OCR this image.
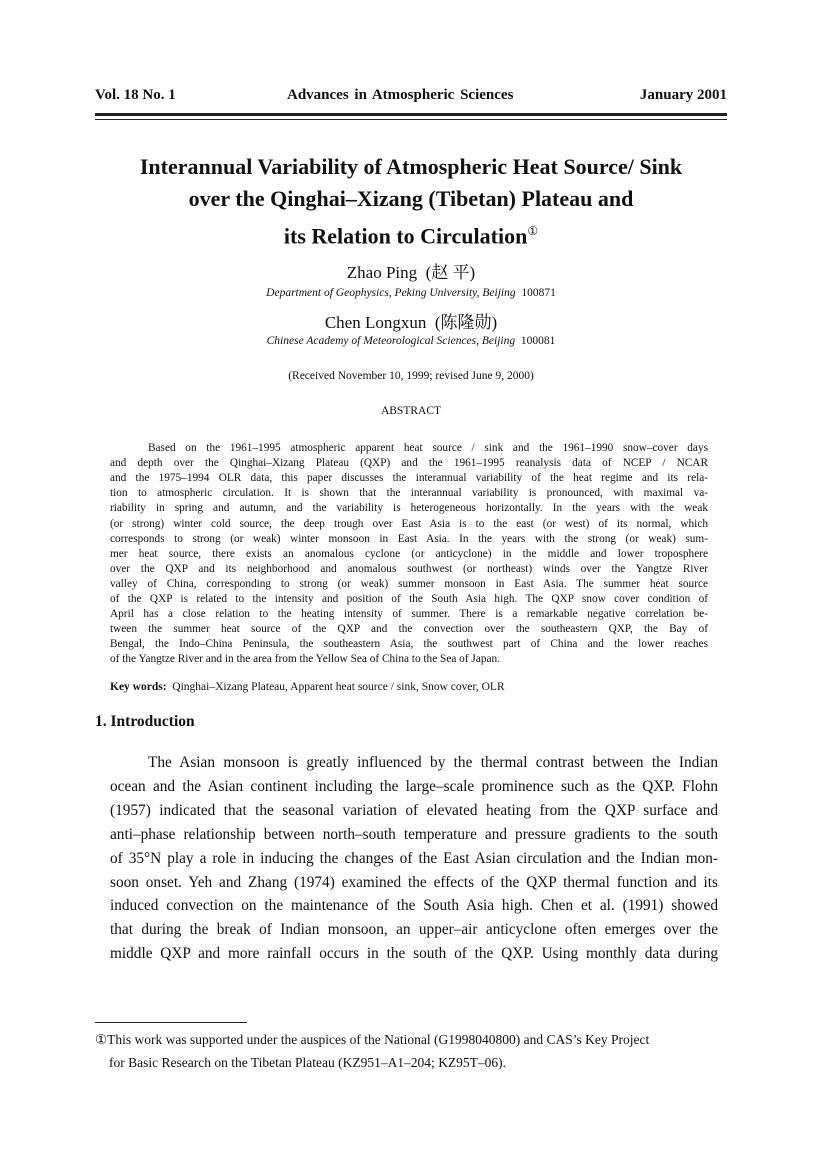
Vol. 18 No. 1	Advances in Atmospheric Sciences	January 2001
Interannual Variability of Atmospheric Heat Source/ Sink
over the Qinghai–Xizang (Tibetan) Plateau and
its Relation to Circulation①
Zhao Ping (赵 平)
Department of Geophysics, Peking University, Beijing 100871
Chen Longxun (陈隆勋)
Chinese Academy of Meteorological Sciences, Beijing 100081
(Received November 10, 1999; revised June 9, 2000)
ABSTRACT
Based on the 1961–1995 atmospheric apparent heat source / sink and the 1961–1990 snow–cover days
and depth over the Qinghai–Xizang Plateau (QXP) and the 1961–1995 reanalysis data of NCEP / NCAR
and the 1975–1994 OLR data, this paper discusses the interannual variability of the heat regime and its rela-
tion to atmospheric circulation. It is shown that the interannual variability is pronounced, with maximal va-
riability in spring and autumn, and the variability is heterogeneous horizontally. In the years with the weak
(or strong) winter cold source, the deep trough over East Asia is to the east (or west) of its normal, which
corresponds to strong (or weak) winter monsoon in East Asia. In the years with the strong (or weak) sum-
mer heat source, there exists an anomalous cyclone (or anticyclone) in the middle and lower troposphere
over the QXP and its neighborhood and anomalous southwest (or northeast) winds over the Yangtze River
valley of China, corresponding to strong (or weak) summer monsoon in East Asia. The summer heat source
of the QXP is related to the intensity and position of the South Asia high. The QXP snow cover condition of
April has a close relation to the heating intensity of summer. There is a remarkable negative correlation be-
tween the summer heat source of the QXP and the convection over the southeastern QXP, the Bay of
Bengal, the Indo–China Peninsula, the southeastern Asia, the southwest part of China and the lower reaches
of the Yangtze River and in the area from the Yellow Sea of China to the Sea of Japan.
Key words: Qinghai–Xizang Plateau, Apparent heat source / sink, Snow cover, OLR
1. Introduction
The Asian monsoon is greatly influenced by the thermal contrast between the Indian
ocean and the Asian continent including the large–scale prominence such as the QXP. Flohn
(1957) indicated that the seasonal variation of elevated heating from the QXP surface and
anti–phase relationship between north–south temperature and pressure gradients to the south
of 35°N play a role in inducing the changes of the East Asian circulation and the Indian mon-
soon onset. Yeh and Zhang (1974) examined the effects of the QXP thermal function and its
induced convection on the maintenance of the South Asia high. Chen et al. (1991) showed
that during the break of Indian monsoon, an upper–air anticyclone often emerges over the
middle QXP and more rainfall occurs in the south of the QXP. Using monthly data during
①This work was supported under the auspices of the National (G1998040800) and CAS’s Key Project
for Basic Research on the Tibetan Plateau (KZ951–A1–204; KZ95T–06).
